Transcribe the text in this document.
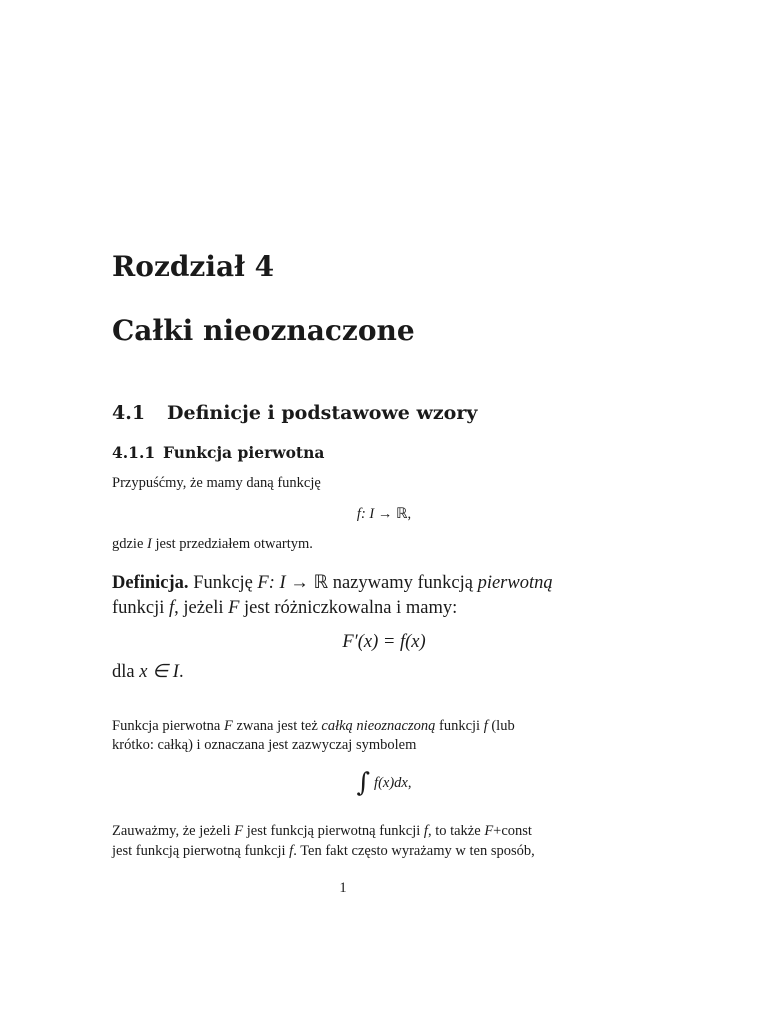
Rozdział 4
Całki nieoznaczone
4.1 Definicje i podstawowe wzory
4.1.1 Funkcja pierwotna
Przypuśćmy, że mamy daną funkcję
f: I → ℝ,
gdzie I jest przedziałem otwartym.
Definicja. Funkcję F: I → ℝ nazywamy funkcją pierwotną
funkcji f, jeżeli F jest różniczkowalna i mamy:
F′(x) = f(x)
dla x ∈ I.
Funkcja pierwotna F zwana jest też całką nieoznaczoną funkcji f (lub
krótko: całką) i oznaczana jest zazwyczaj symbolem
∫ f(x)dx,
Zauważmy, że jeżeli F jest funkcją pierwotną funkcji f, to także F+const
jest funkcją pierwotną funkcji f. Ten fakt często wyrażamy w ten sposób,
1
